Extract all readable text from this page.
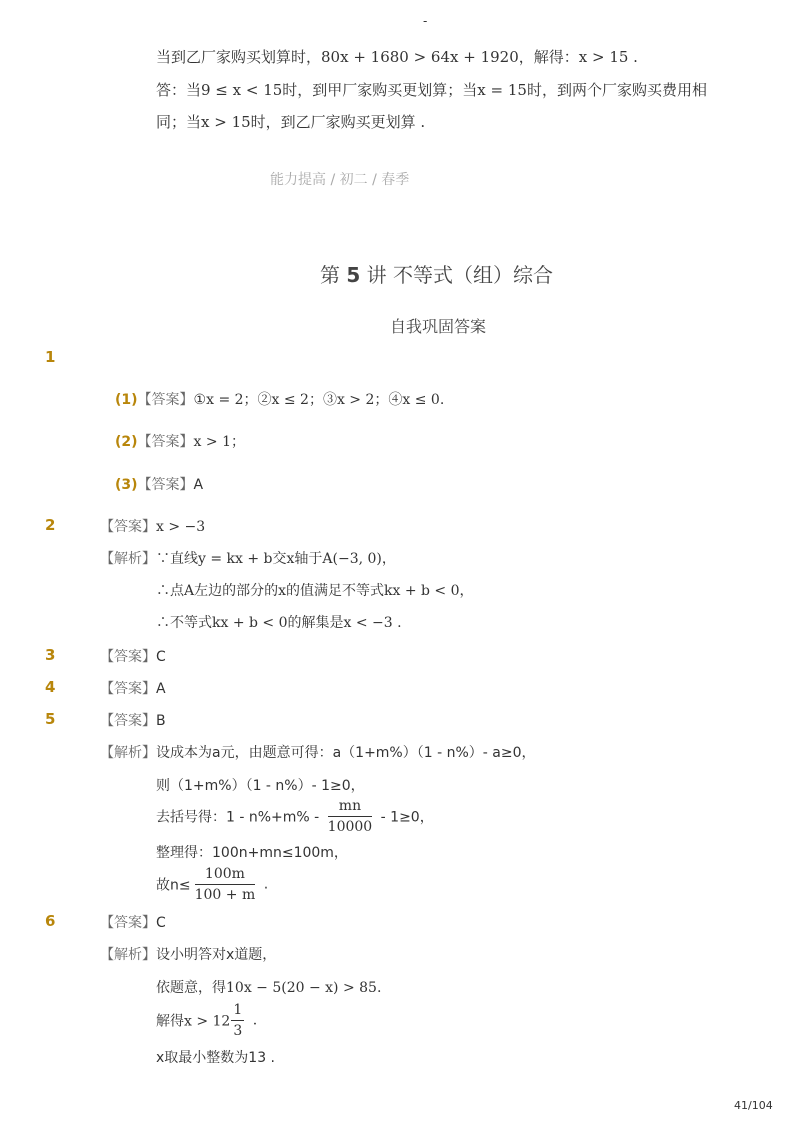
-
当到乙厂家购买划算时，80x + 1680 > 64x + 1920，解得：x > 15 .
答：当9 ≤ x < 15时，到甲厂家购买更划算；当x = 15时，到两个厂家购买费用相
同；当x > 15时，到乙厂家购买更划算 .
能力提高 / 初二 / 春季
第 5 讲 不等式（组）综合
自我巩固答案
1
(1)【答案】①x = 2；②x ≤ 2；③x > 2；④x ≤ 0.
(2)【答案】x > 1；
(3)【答案】A
2	【答案】x > −3
【解析】∵直线y = kx + b交x轴于A(−3, 0)，
∴点A左边的部分的x的值满足不等式kx + b < 0，
∴不等式kx + b < 0的解集是x < −3 .
3	【答案】C
4	【答案】A
5	【答案】B
【解析】设成本为a元，由题意可得：a（1+m%）（1 - n%）- a≥0，
则（1+m%）（1 - n%）- 1≥0，
去括号得：$1 - n\%+m\% - \frac{mn}{10000} - 1\ge 0$，
整理得：100n+mn≤100m，
故$n\le \frac{100m}{100 + m}$ .
6	【答案】C
【解析】设小明答对x道题，
依题意，得10x − 5(20 − x) > 85.
解得$x > 12 \frac{1}{3}$ .
x取最小整数为13 .
41/104
